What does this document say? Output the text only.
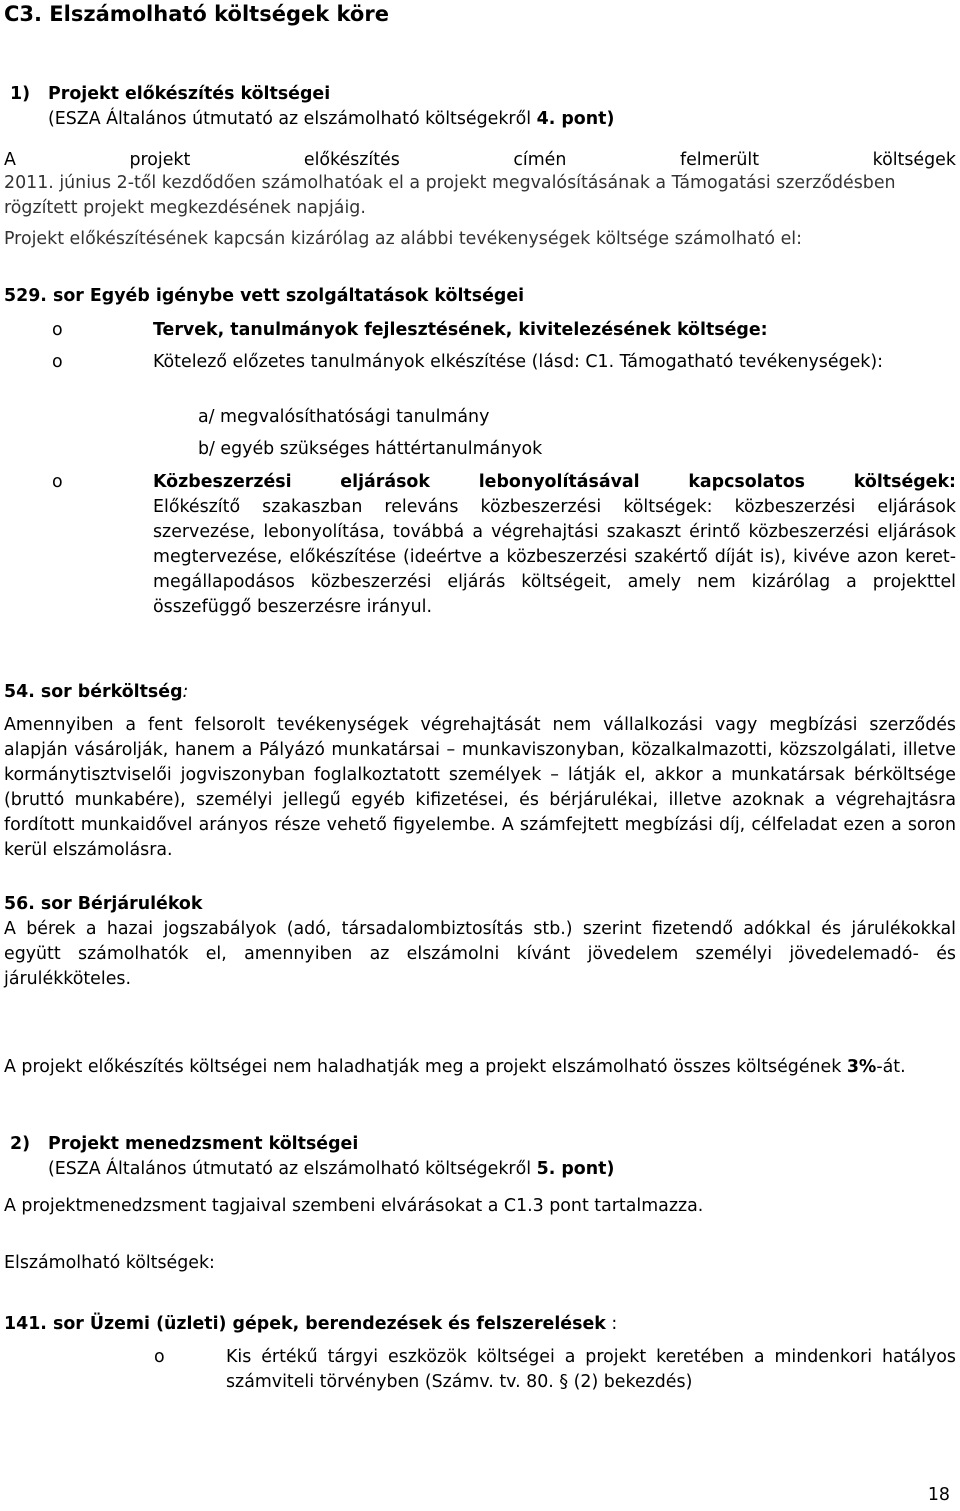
C3. Elszámolható költségek köre
1) Projekt előkészítés költségei
(ESZA Általános útmutató az elszámolható költségekről 4. pont)
A	projekt	előkészítés	címén	felmerült	költségek

2011. június 2-től kezdődően számolhatóak el a projekt megvalósításának a Támogatási szerződésben rögzített projekt megkezdésének napjáig.

Projekt előkészítésének kapcsán kizárólag az alábbi tevékenységek költsége számolható el:

529. sor Egyéb igénybe vett szolgáltatások költségei

o	Tervek, tanulmányok fejlesztésének, kivitelezésének költsége:
o	Kötelező előzetes tanulmányok elkészítése (lásd: C1. Támogatható tevékenységek):

a/ megvalósíthatósági tanulmány

b/ egyéb szükséges háttértanulmányok

o	Közbeszerzési eljárások lebonyolításával kapcsolatos költségek:

Előkészítő szakaszban releváns közbeszerzési költségek: közbeszerzési eljárások szervezése, lebonyolítása, továbbá a végrehajtási szakaszt érintő közbeszerzési eljárások megtervezése, előkészítése (ideértve a közbeszerzési szakértő díját is), kivéve azon keret-megállapodásos közbeszerzési eljárás költségeit, amely nem kizárólag a projekttel összefüggő beszerzésre irányul.

54. sor bérköltség:

Amennyiben a fent felsorolt tevékenységek végrehajtását nem vállalkozási vagy megbízási szerződés alapján vásárolják, hanem a Pályázó munkatársai – munkaviszonyban, közalkalmazotti, közszolgálati, illetve kormánytisztviselői jogviszonyban foglalkoztatott személyek – látják el, akkor a munkatársak bérköltsége (bruttó munkabére), személyi jellegű egyéb kifizetései, és bérjárulékai, illetve azoknak a végrehajtásra fordított munkaidővel arányos része vehető figyelembe. A számfejtett megbízási díj, célfeladat ezen a soron kerül elszámolásra.

56. sor Bérjárulékok

A bérek a hazai jogszabályok (adó, társadalombiztosítás stb.) szerint fizetendő adókkal és járulékokkal együtt számolhatók el, amennyiben az elszámolni kívánt jövedelem személyi jövedelemadó- és járulékköteles.

A projekt előkészítés költségei nem haladhatják meg a projekt elszámolható összes költségének 3%-át.
2) Projekt menedzsment költségei
(ESZA Általános útmutató az elszámolható költségekről 5. pont)

A projektmenedzsment tagjaival szembeni elvárásokat a C1.3 pont tartalmazza.

Elszámolható költségek:

141. sor Üzemi (üzleti) gépek, berendezések és felszerelések :
o	Kis értékű tárgyi eszközök költségei a projekt keretében a mindenkori hatályos számviteli törvényben (Számv. tv. 80. § (2) bekezdés)

18
